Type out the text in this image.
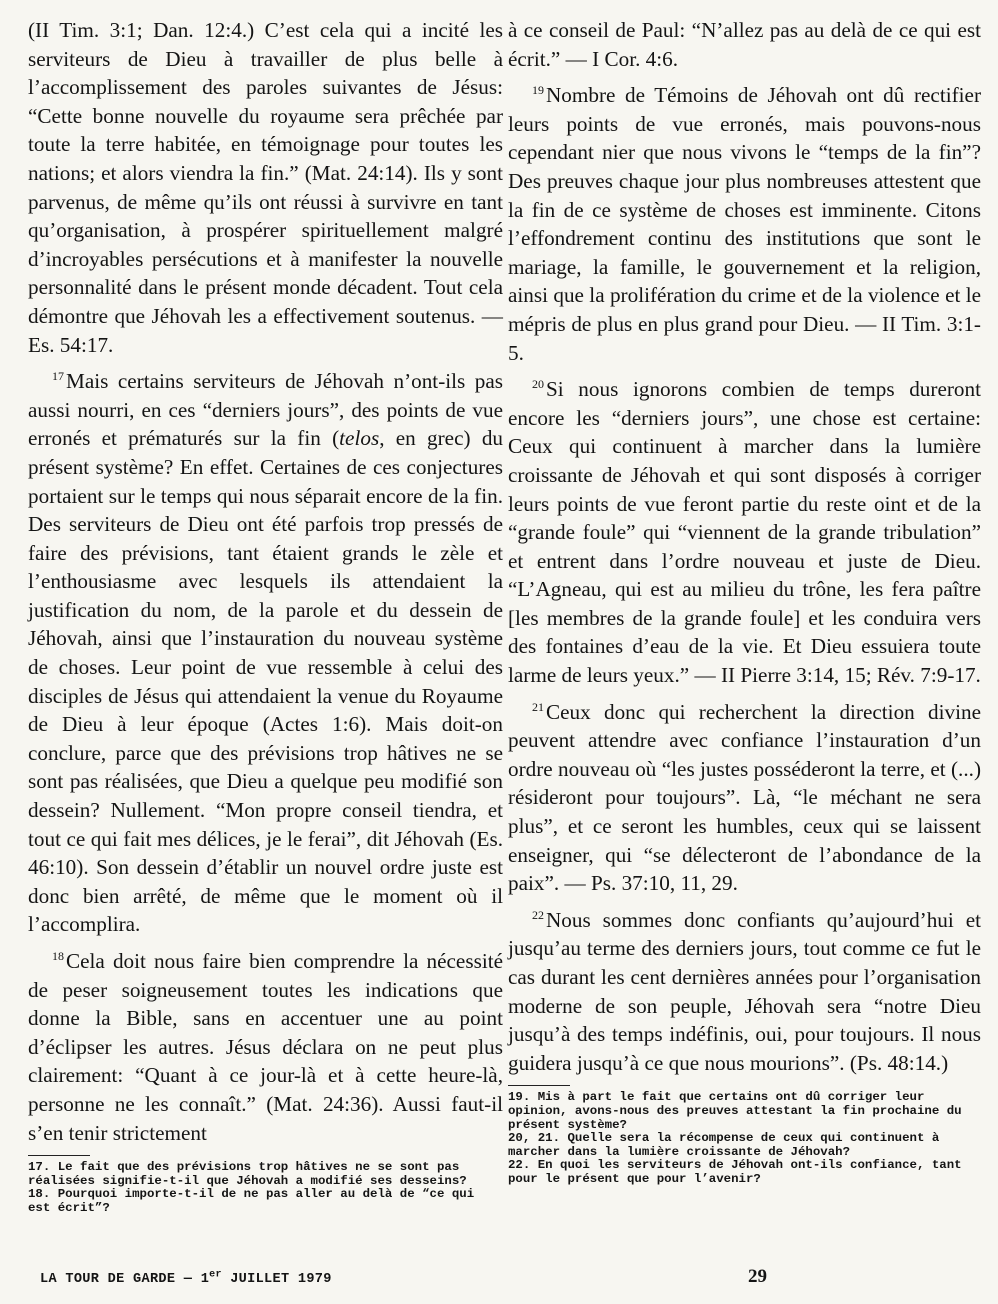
(II Tim. 3:1; Dan. 12:4.) C’est cela qui a incité les serviteurs de Dieu à travailler de plus belle à l’accomplissement des paroles suivantes de Jésus: “Cette bonne nouvelle du royaume sera prêchée par toute la terre habitée, en témoignage pour toutes les nations; et alors viendra la fin.” (Mat. 24:14). Ils y sont parvenus, de même qu’ils ont réussi à survivre en tant qu’organisation, à prospérer spirituellement malgré d’incroyables persécutions et à manifester la nouvelle personnalité dans le présent monde décadent. Tout cela démontre que Jéhovah les a effectivement soutenus. — Es. 54:17.

$^{17}$Mais certains serviteurs de Jéhovah n’ont-ils pas aussi nourri, en ces “derniers jours”, des points de vue erronés et prématurés sur la fin (telos, en grec) du présent système? En effet. Certaines de ces conjectures portaient sur le temps qui nous séparait encore de la fin. Des serviteurs de Dieu ont été parfois trop pressés de faire des prévisions, tant étaient grands le zèle et l’enthousiasme avec lesquels ils attendaient la justification du nom, de la parole et du dessein de Jéhovah, ainsi que l’instauration du nouveau système de choses. Leur point de vue ressemble à celui des disciples de Jésus qui attendaient la venue du Royaume de Dieu à leur époque (Actes 1:6). Mais doit-on conclure, parce que des prévisions trop hâtives ne se sont pas réalisées, que Dieu a quelque peu modifié son dessein? Nullement. “Mon propre conseil tiendra, et tout ce qui fait mes délices, je le ferai”, dit Jéhovah (Es. 46:10). Son dessein d’établir un nouvel ordre juste est donc bien arrêté, de même que le moment où il l’accomplira.

$^{18}$Cela doit nous faire bien comprendre la nécessité de peser soigneusement toutes les indications que donne la Bible, sans en accentuer une au point d’éclipser les autres. Jésus déclara on ne peut plus clairement: “Quant à ce jour-là et à cette heure-là, personne ne les connaît.” (Mat. 24:36). Aussi faut-il s’en tenir strictement

17. Le fait que des prévisions trop hâtives ne se sont pas réalisées signifie-t-il que Jéhovah a modifié ses desseins?

18. Pourquoi importe-t-il de ne pas aller au delà de “ce qui est écrit”?

à ce conseil de Paul: “N’allez pas au delà de ce qui est écrit.” — I Cor. 4:6.

$^{19}$Nombre de Témoins de Jéhovah ont dû rectifier leurs points de vue erronés, mais pouvons-nous cependant nier que nous vivons le “temps de la fin”? Des preuves chaque jour plus nombreuses attestent que la fin de ce système de choses est imminente. Citons l’effondrement continu des institutions que sont le mariage, la famille, le gouvernement et la religion, ainsi que la prolifération du crime et de la violence et le mépris de plus en plus grand pour Dieu. — II Tim. 3:1-5.

$^{20}$Si nous ignorons combien de temps dureront encore les “derniers jours”, une chose est certaine: Ceux qui continuent à marcher dans la lumière croissante de Jéhovah et qui sont disposés à corriger leurs points de vue feront partie du reste oint et de la “grande foule” qui “viennent de la grande tribulation” et entrent dans l’ordre nouveau et juste de Dieu. “L’Agneau, qui est au milieu du trône, les fera paître [les membres de la grande foule] et les conduira vers des fontaines d’eau de la vie. Et Dieu essuiera toute larme de leurs yeux.” — II Pierre 3:14, 15; Rév. 7:9-17.

$^{21}$Ceux donc qui recherchent la direction divine peuvent attendre avec confiance l’instauration d’un ordre nouveau où “les justes posséderont la terre, et (...) résideront pour toujours”. Là, “le méchant ne sera plus”, et ce seront les humbles, ceux qui se laissent enseigner, qui “se délecteront de l’abondance de la paix”. — Ps. 37:10, 11, 29.

$^{22}$Nous sommes donc confiants qu’aujourd’hui et jusqu’au terme des derniers jours, tout comme ce fut le cas durant les cent dernières années pour l’organisation moderne de son peuple, Jéhovah sera “notre Dieu jusqu’à des temps indéfinis, oui, pour toujours. Il nous guidera jusqu’à ce que nous mourions”. (Ps. 48:14.)

19. Mis à part le fait que certains ont dû corriger leur opinion, avons-nous des preuves attestant la fin prochaine du présent système?

20, 21. Quelle sera la récompense de ceux qui continuent à marcher dans la lumière croissante de Jéhovah?

22. En quoi les serviteurs de Jéhovah ont-ils confiance, tant pour le présent que pour l’avenir?

LA TOUR DE GARDE — 1er JUILLET 1979	29
